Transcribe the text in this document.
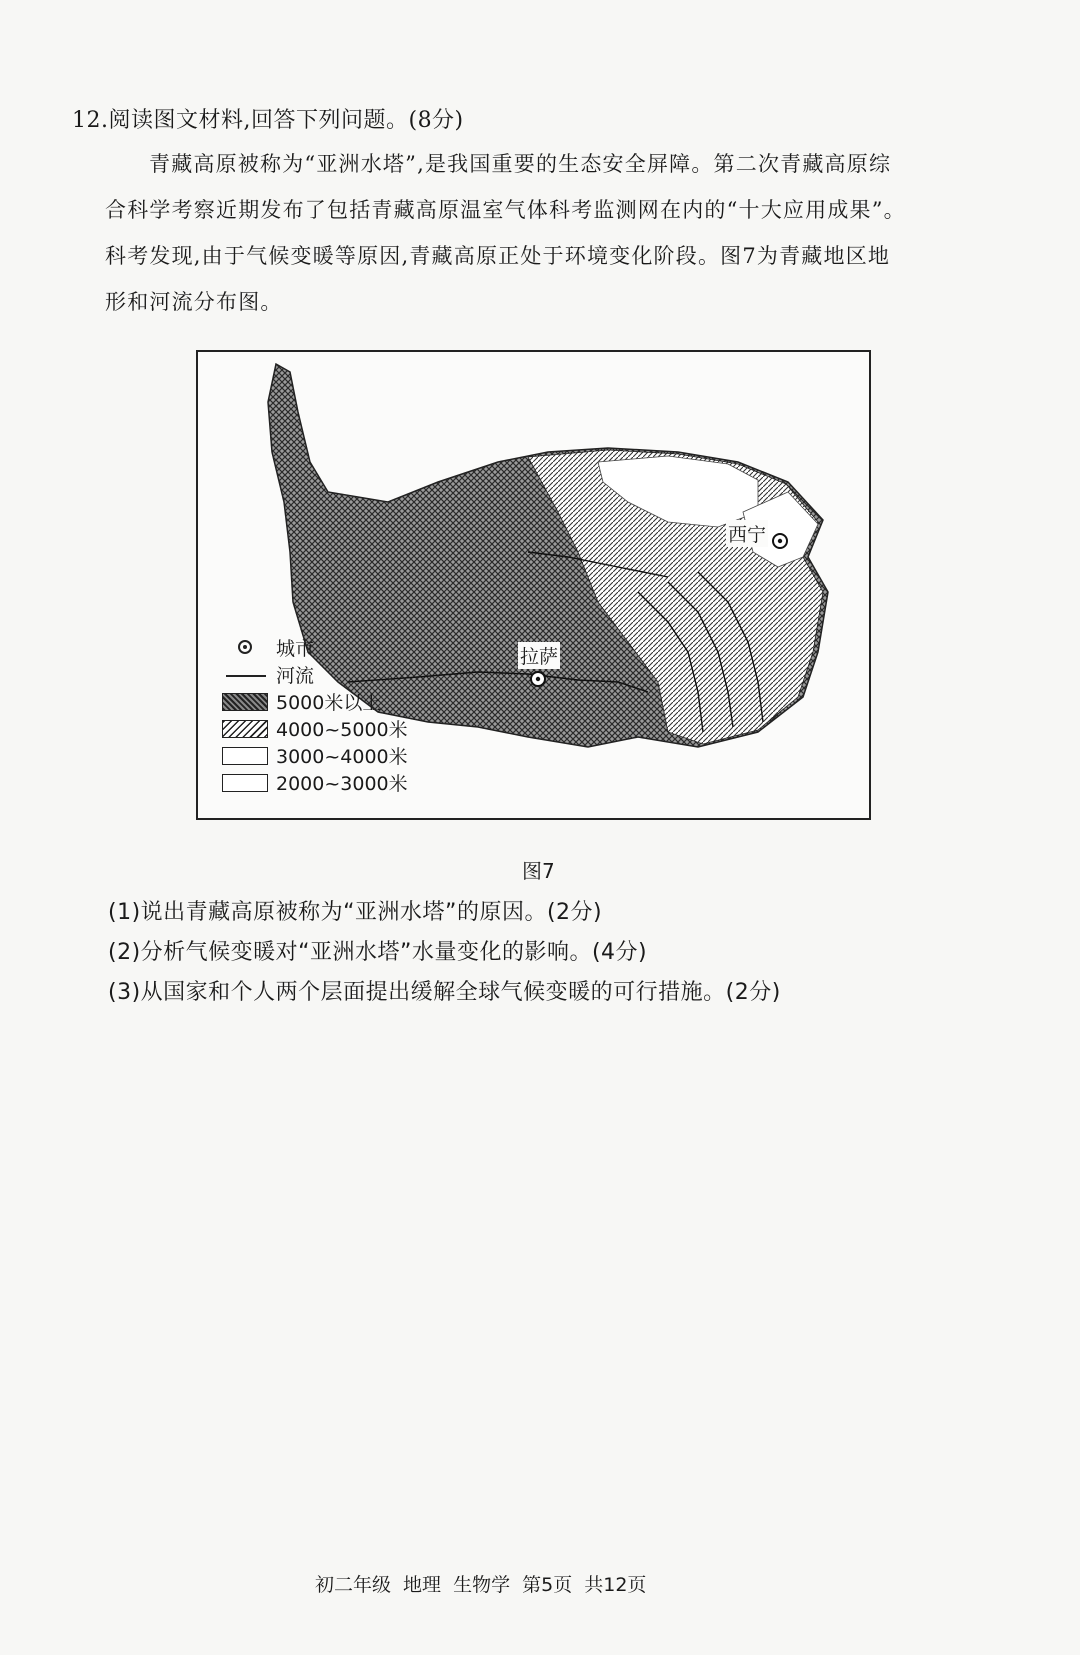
12.阅读图文材料,回答下列问题。(8分)
青藏高原被称为“亚洲水塔”,是我国重要的生态安全屏障。第二次青藏高原综
合科学考察近期发布了包括青藏高原温室气体科考监测网在内的“十大应用成果”。
科考发现,由于气候变暖等原因,青藏高原正处于环境变化阶段。图7为青藏地区地
形和河流分布图。
西宁
拉萨
城市
河流
5000米以上
4000~5000米
3000~4000米
2000~3000米
图7
(1)说出青藏高原被称为“亚洲水塔”的原因。(2分)
(2)分析气候变暖对“亚洲水塔”水量变化的影响。(4分)
(3)从国家和个人两个层面提出缓解全球气候变暖的可行措施。(2分)
初二年级 地理 生物学 第5页 共12页
